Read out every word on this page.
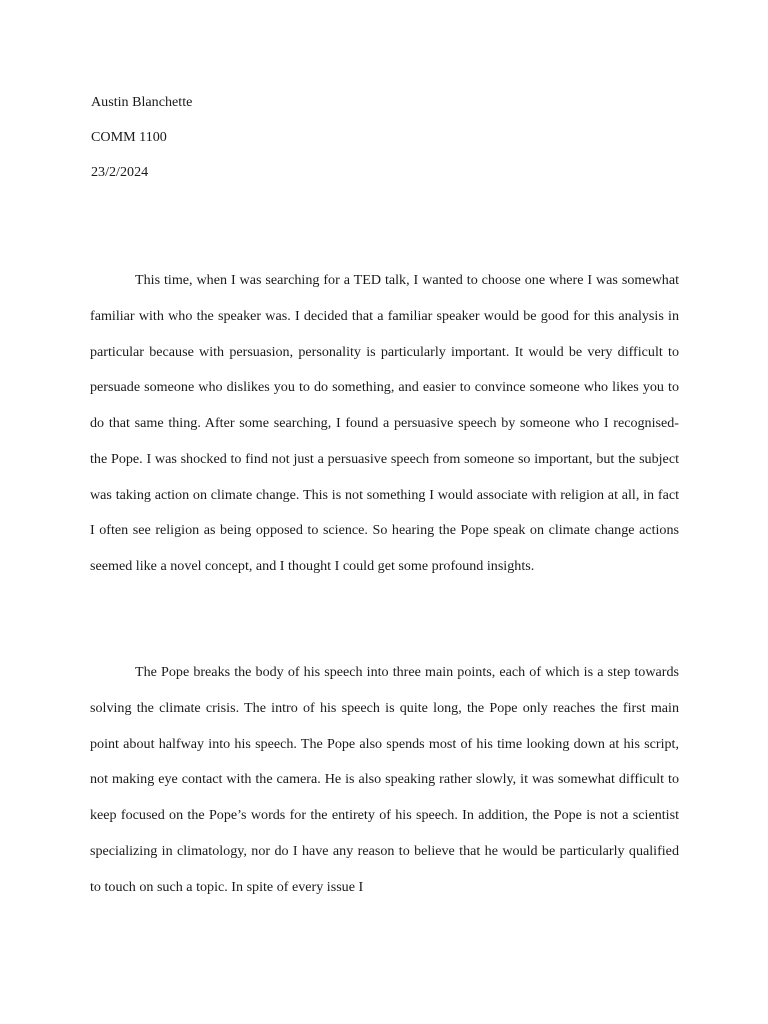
Austin Blanchette
COMM 1100
23/2/2024

This time, when I was searching for a TED talk, I wanted to choose one where I was somewhat familiar with who the speaker was. I decided that a familiar speaker would be good for this analysis in particular because with persuasion, personality is particularly important. It would be very difficult to persuade someone who dislikes you to do something, and easier to convince someone who likes you to do that same thing. After some searching, I found a persuasive speech by someone who I recognised- the Pope. I was shocked to find not just a persuasive speech from someone so important, but the subject was taking action on climate change. This is not something I would associate with religion at all, in fact I often see religion as being opposed to science. So hearing the Pope speak on climate change actions seemed like a novel concept, and I thought I could get some profound insights.

The Pope breaks the body of his speech into three main points, each of which is a step towards solving the climate crisis. The intro of his speech is quite long, the Pope only reaches the first main point about halfway into his speech. The Pope also spends most of his time looking down at his script, not making eye contact with the camera. He is also speaking rather slowly, it was somewhat difficult to keep focused on the Pope’s words for the entirety of his speech. In addition, the Pope is not a scientist specializing in climatology, nor do I have any reason to believe that he would be particularly qualified to touch on such a topic. In spite of every issue I
